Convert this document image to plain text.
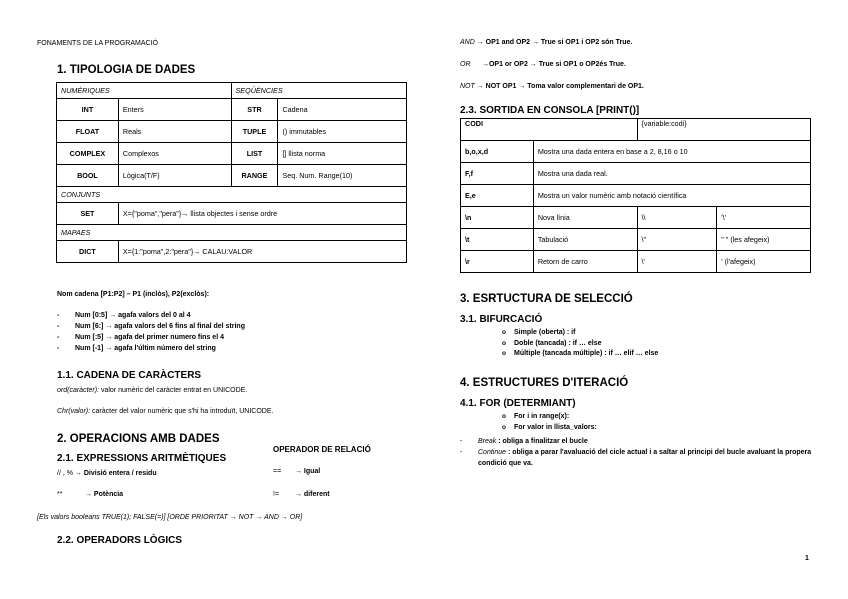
FONAMENTS DE LA PROGRAMACIÓ
1. TIPOLOGIA DE DADES
NUMÈRIQUES		SEQÜÈNCIES	
INT	Enters	STR	Cadena
FLOAT	Reals	TUPLE	() immutables
COMPLEX	Complexos	LIST	[] llista norma
BOOL	Lògica(T/F)	RANGE	Seq. Num. Range(10)
CONJUNTS			
SET	X={"poma","pera"}→ llista objectes i sense ordre		
MAPAES			
DICT	X={1:"poma",2:"pera"}→ CALAU:VALOR		
Nom cadena [P1:P2] – P1 (inclòs), P2(exclòs):
- Num [0:5] → agafa valors del 0 al 4
- Num [6:] → agafa valors del 6 fins al final del string
- Num [:5] → agafa del primer numero fins el 4
- Num [-1] → agafa l'últim número del string
1.1. CADENA DE CARÀCTERS
ord(caràcter): valor numèric del caràcter entrat en UNICODE.
Chr(valor): caràcter del valor numèric que s'hi ha introduït, UNICODE.
2. OPERACIONS AMB DADES
2.1. EXPRESSIONS ARITMÈTIQUES
OPERADOR DE RELACIÓ
// , % → Divisió entera / residu
**	→ Potència
== → Igual
!= → diferent
[Els valors booleans TRUE(1); FALSE(=)] [ORDE PRIORITAT → NOT → AND → OR]
2.2. OPERADORS LÒGICS
AND → OP1 and OP2 → True si OP1 i OP2 són True.
OR →OP1 or OP2 → True si OP1 o OP2és True.
NOT → NOT OP1 → Toma valor complementari de OP1.
2.3. SORTIDA EN CONSOLA [PRINT()]
CODI		{variable:codi}	
b,o,x,d	Mostra una dada entera en base a 2, 8,16 o 10		
F,f	Mostra una dada real.		
E,e	Mostra un valor numèric amb notació científica		
\n	Nova línia	\\	'\'
\t	Tabulació	\"	" " (les afegeix)
\r	Retorn de carro	\'	' (l'afegeix)
3. ESRTUCTURA DE SELECCIÓ
3.1. BIFURCACIÓ
o Simple (oberta) : if
o Doble (tancada) : if … else
o Múltiple (tancada múltiple) : if … elif … else
4. ESTRUCTURES D'ITERACIÓ
4.1. FOR (DETERMIANT)
o For i in range(x):
o For valor in llista_valors:
- Break : obliga a finalitzar el bucle
- Continue : obliga a parar l'avaluació del cicle actual i a saltar al principi del bucle avaluant la propera condició que va.
1
